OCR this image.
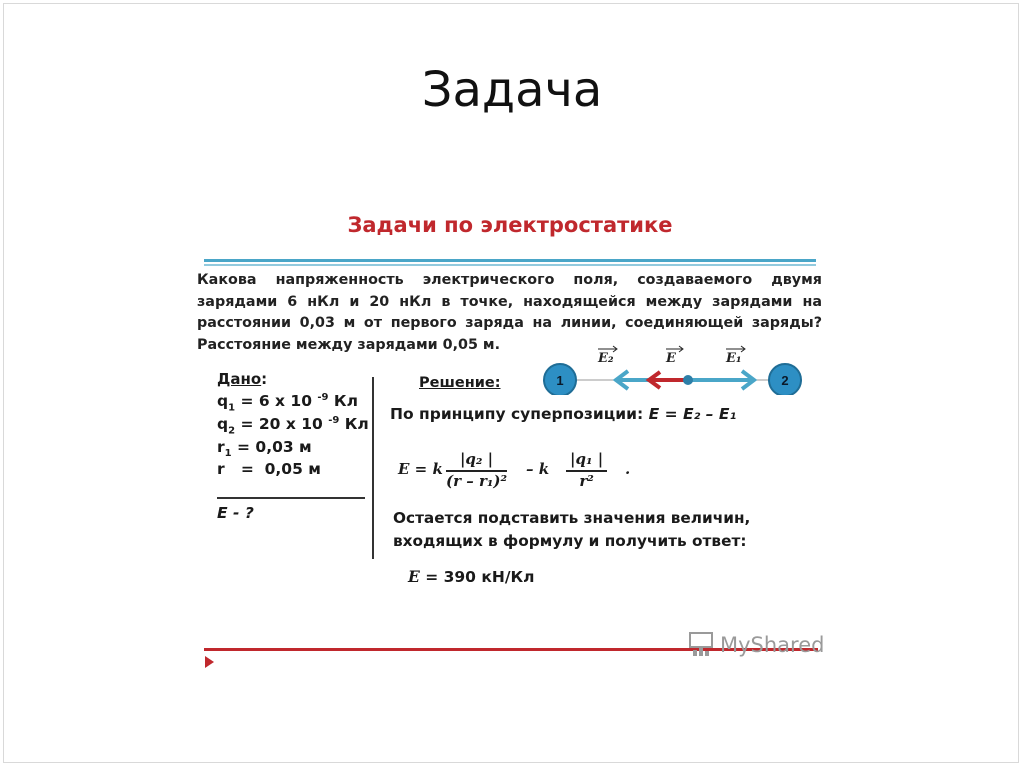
Задача
Задачи по электростатике
Какова напряженность электрического поля, создаваемого двумя зарядами 6 нКл и 20 нКл в точке, находящейся между зарядами на расстоянии 0,03 м от первого заряда на линии, соединяющей заряды? Расстояние между зарядами 0,05 м.
Дано:
$q_1 = 6$ x 10 $^{-9}$ Кл
$q_2 = 20$ x 10 $^{-9}$ Кл
$r_1 = 0,03$ м
r   =  0,05 м
E - ?
Решение:	1	2
E₂	E	E₁
По принципу суперпозиции: E = E₂ – E₁
E = k $\frac{\text{|q₂ |}}{\text{(r – r₁)²}}$ – k $\frac{\text{|q₁ |}}{\text{r²}}$ .
Остается подставить значения величин, входящих в формулу и получить ответ:
E = 390 кН/Кл
MyShared
